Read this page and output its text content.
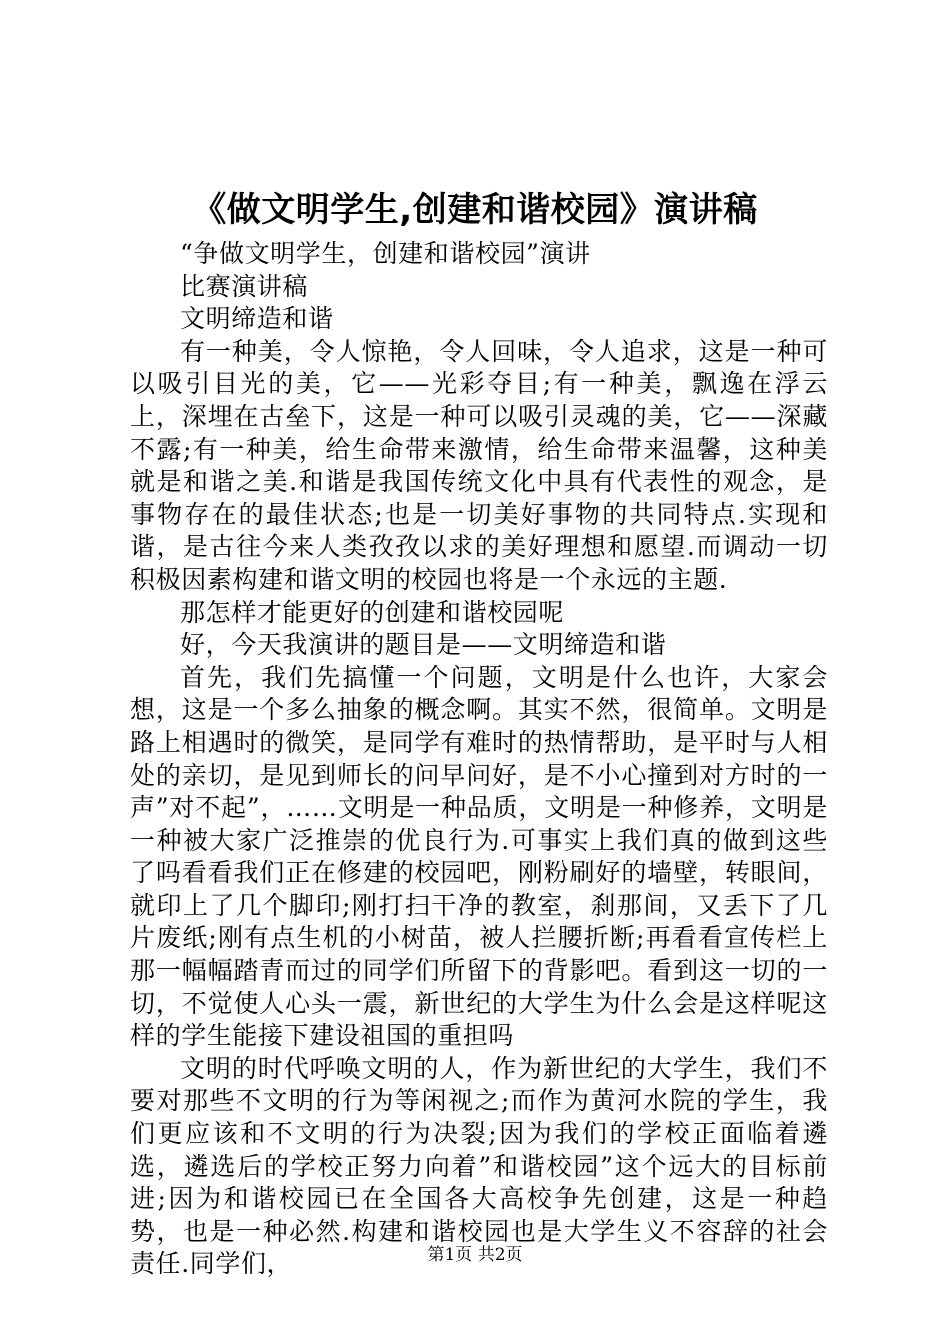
《做文明学生,创建和谐校园》演讲稿

“争做文明学生，创建和谐校园”演讲

比赛演讲稿

文明缔造和谐

有一种美，令人惊艳，令人回味，令人追求，这是一种可以吸引目光的美，它——光彩夺目;有一种美，飘逸在浮云上，深埋在古垒下，这是一种可以吸引灵魂的美，它——深藏不露;有一种美，给生命带来激情，给生命带来温馨，这种美就是和谐之美.和谐是我国传统文化中具有代表性的观念，是事物存在的最佳状态;也是一切美好事物的共同特点.实现和谐，是古往今来人类孜孜以求的美好理想和愿望.而调动一切积极因素构建和谐文明的校园也将是一个永远的主题.

那怎样才能更好的创建和谐校园呢

好，今天我演讲的题目是——文明缔造和谐

首先，我们先搞懂一个问题，文明是什么也许，大家会想，这是一个多么抽象的概念啊。其实不然，很简单。文明是路上相遇时的微笑，是同学有难时的热情帮助，是平时与人相处的亲切，是见到师长的问早问好，是不小心撞到对方时的一声”对不起”，……文明是一种品质，文明是一种修养，文明是一种被大家广泛推崇的优良行为.可事实上我们真的做到这些了吗看看我们正在修建的校园吧，刚粉刷好的墙壁，转眼间，就印上了几个脚印;刚打扫干净的教室，刹那间，又丢下了几片废纸;刚有点生机的小树苗，被人拦腰折断;再看看宣传栏上那一幅幅踏青而过的同学们所留下的背影吧。看到这一切的一切，不觉使人心头一震，新世纪的大学生为什么会是这样呢这样的学生能接下建设祖国的重担吗

文明的时代呼唤文明的人，作为新世纪的大学生，我们不要对那些不文明的行为等闲视之;而作为黄河水院的学生，我们更应该和不文明的行为决裂;因为我们的学校正面临着遴选，遴选后的学校正努力向着”和谐校园”这个远大的目标前进;因为和谐校园已在全国各大高校争先创建，这是一种趋势，也是一种必然.构建和谐校园也是大学生义不容辞的社会责任.同学们，	第1页 共2页
